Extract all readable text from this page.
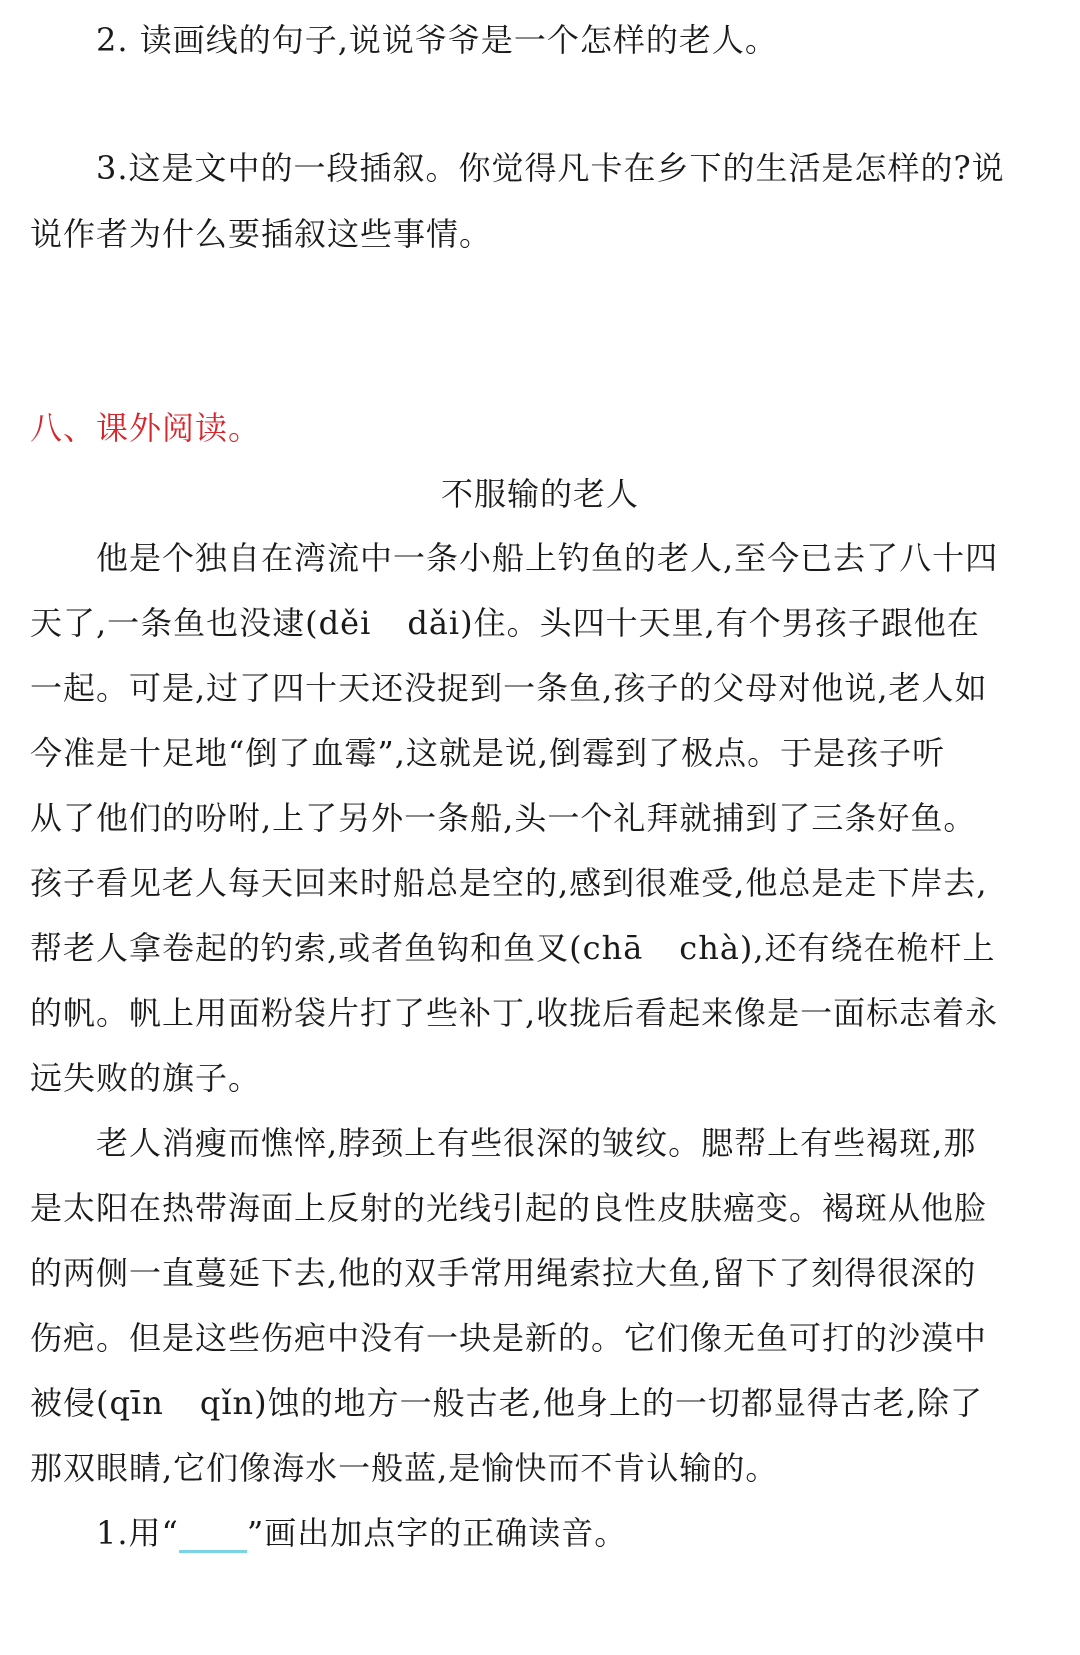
2. 读画线的句子,说说爷爷是一个怎样的老人。
3.这是文中的一段插叙。你觉得凡卡在乡下的生活是怎样的?说
说作者为什么要插叙这些事情。
八、课外阅读。
不服输的老人
他是个独自在湾流中一条小船上钓鱼的老人,至今已去了八十四
天了,一条鱼也没逮(děi dǎi)住。头四十天里,有个男孩子跟他在
一起。可是,过了四十天还没捉到一条鱼,孩子的父母对他说,老人如
今准是十足地“倒了血霉”,这就是说,倒霉到了极点。于是孩子听
从了他们的吩咐,上了另外一条船,头一个礼拜就捕到了三条好鱼。
孩子看见老人每天回来时船总是空的,感到很难受,他总是走下岸去,
帮老人拿卷起的钓索,或者鱼钩和鱼叉(chā chà),还有绕在桅杆上
的帆。帆上用面粉袋片打了些补丁,收拢后看起来像是一面标志着永
远失败的旗子。
老人消瘦而憔悴,脖颈上有些很深的皱纹。腮帮上有些褐斑,那
是太阳在热带海面上反射的光线引起的良性皮肤癌变。褐斑从他脸
的两侧一直蔓延下去,他的双手常用绳索拉大鱼,留下了刻得很深的
伤疤。但是这些伤疤中没有一块是新的。它们像无鱼可打的沙漠中
被侵(qīn qǐn)蚀的地方一般古老,他身上的一切都显得古老,除了
那双眼睛,它们像海水一般蓝,是愉快而不肯认输的。
1.用“ ”画出加点字的正确读音。
